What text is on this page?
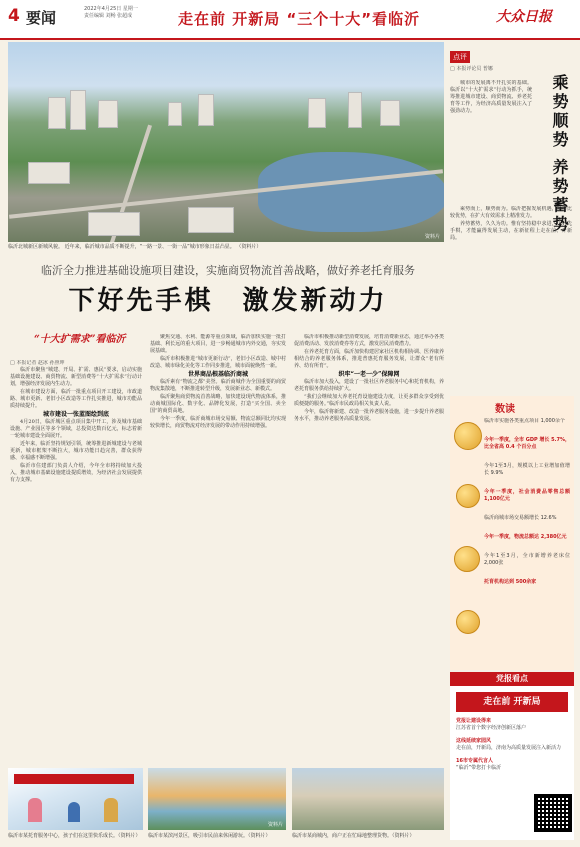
4 要闻	2022年4月25日 星期一
责任编辑 刘畅 张超成	走在前 开新局 “三个十大”看临沂	大众日报
资料片
临沂北城新区新城风貌。 近年来，临沂城市品质不断提升，“一路一景、一街一品”城市形象日益凸显。 （资料片）
临沂全力推进基础设施项目建设，实施商贸物流首善战略，做好养老托育服务
下好先手棋　激发新动力
“十大扩需求”看临沂
□ 本报记者 赵冰 孙照坤

临沂市聚焦“城建、开局、扩需、惠民”要求，启动实施基础设施建设、商贸物流、新型消费等“十大扩需求”行动计划，增强经济发展内生动力。

在城市建设方面，临沂一批重点项目开工建设，市政道路、城市更新、老旧小区改造等工作扎实推进，城市功能品质持续提升。

城市建设一张蓝图绘到底

4月20日，临沂城区重点项目集中开工，涉及城市基础设施、产业园区等多个领域，总投资达数百亿元，标志着新一轮城市建设全面展开。

近年来，临沂坚持规划引领，统筹推进新城建设与老城更新，城市框架不断拉大，城市功能日趋完善，群众获得感、幸福感不断增强。

临沂市住建部门负责人介绍，今年全市将持续加大投入，推动城市基础设施建设提质增效，为经济社会发展提供有力支撑。

聚焦交通、水利、能源等重点领域，临沂加快实施一批打基础、利长远的重大项目，进一步畅通城市内外交通，夯实发展基础。

临沂市积极推进“城市更新行动”，老旧小区改造、城中村改造、城市绿化美化等工作同步推进，城市面貌焕然一新。

世界商品根基临沂商城

临沂素有“物流之都”美誉。临沂商城作为全国重要的商贸物流集散地，不断推进转型升级，发展新业态、新模式。

临沂聚焦商贸物流首善战略，加快建设现代物流体系，推动商城国际化、数字化、品牌化发展，打造“买全国、卖全国”的商贸高地。

今年一季度，临沂商城市场交易额、物流总额同比均实现较快增长，商贸物流对经济发展的带动作用持续增强。

临沂市积极推动新型消费发展，培育消费新业态，通过举办各类促消费活动、发放消费券等方式，激发居民消费潜力。

在养老托育方面，临沂加快构建居家社区机构相协调、医养康养相结合的养老服务体系，推进普惠托育服务发展，让群众“老有所养、幼有所育”。

织牢“一老一少”保障网

临沂市加大投入，建设了一批社区养老服务中心和托育机构，养老托育服务供给持续扩大。

“我们会继续加大养老托育设施建设力度，让更多群众享受到优质便捷的服务。”临沂市民政局相关负责人说。

今年，临沂将新建、改造一批养老服务设施，进一步提升养老服务水平，推动养老服务高质量发展。

资料片
临沂市某托育服务中心，孩子们在这里快乐成长。（资料片）	临沂市某滨河景区，吸引市民前来休闲游玩。（资料片）	临沂市某商城内，商户正在忙碌地整理货物。（资料片）
点评
□ 本报评论员 普娜
乘势顺势 养势蓄势

城市的发展离不开扎实的基础。临沂以“十大扩需求”行动为抓手，统筹推进城市建设、商贸物流、养老托育等工作，为经济高质量发展注入了强劲动力。

乘势而上，顺势而为。临沂把握发展机遇，发挥比较优势，在扩大有效需求上精准发力。

养势蓄势，久久为功。惟有坚持稳中求进，下好先手棋，才能赢得发展主动，在新征程上走在前、开新局。

数读
临沂市实施各类重点项目 1,000余个
今年一季度，全市 GDP 增长 5.7%，比全省高 0.4 个百分点
今年1至3月，规模以上工业增加值增长 9.9%
今年一季度，社会消费品零售总额 1,100亿元
临沂商城市场交易额增长 12.6%
今年一季度，物流总额达 2,380亿元
今年1至3月，全市新增养老床位 2,000张
托育机构达到 500余家
党报看点
走在前 开新局
党报让建设得来
江苏省首个数字经济创新区落户
这线延续家园风
走在前，开新局，济南为高质量发展注入新活力
16市专属代言人
“临沂”带您打卡临沂
